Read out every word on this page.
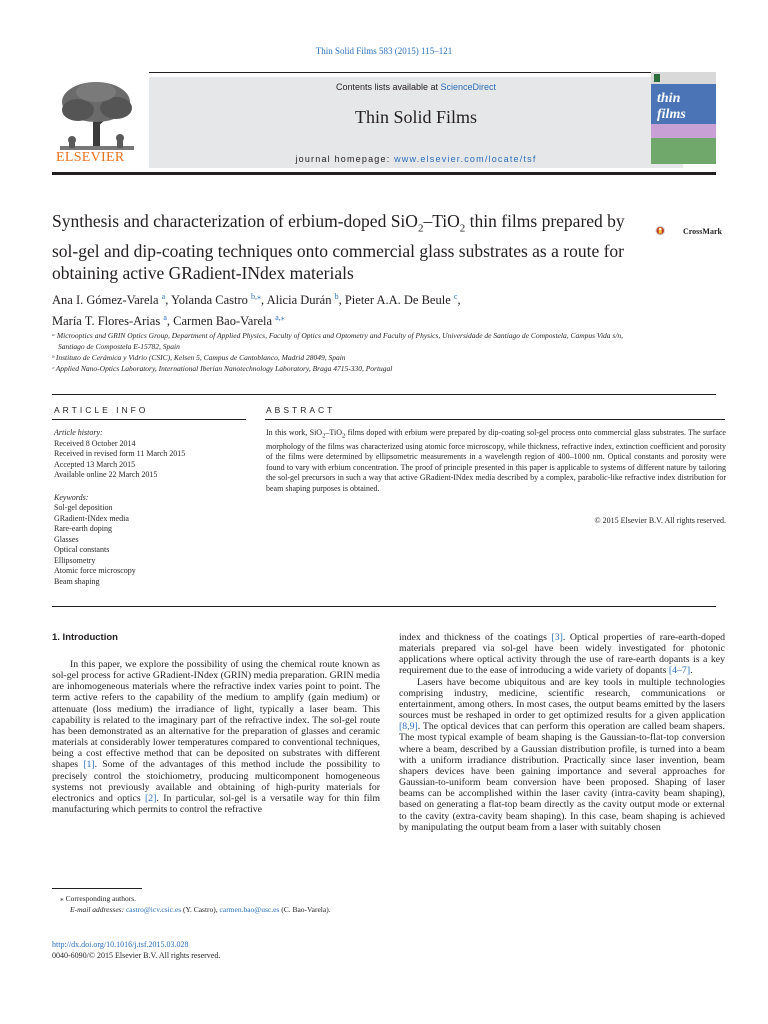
Thin Solid Films 583 (2015) 115–121
ELSEVIER
Contents lists available at ScienceDirect
Thin Solid Films
journal homepage: www.elsevier.com/locate/tsf
thin
films
Synthesis and characterization of erbium-doped SiO$_2$–TiO$_2$ thin films prepared by sol-gel and dip-coating techniques onto commercial glass substrates as a route for obtaining active GRadient-INdex materials
CrossMark
Ana I. Gómez-Varela $^a$, Yolanda Castro $^{b,⁎}$, Alicia Durán $^b$, Pieter A.A. De Beule $^c$,
María T. Flores-Arias $^a$, Carmen Bao-Varela $^{a,⁎}$
ᵃ Microoptics and GRIN Optics Group, Department of Applied Physics, Faculty of Optics and Optometry and Faculty of Physics, Universidade de Santiago de Compostela, Campus Vida s/n,
Santiago de Compostela E-15782, Spain
ᵇ Instituto de Cerámica y Vidrio (CSIC), Kelsen 5, Campus de Cantoblanco, Madrid 28049, Spain
ᶜ Applied Nano-Optics Laboratory, International Iberian Nanotechnology Laboratory, Braga 4715-330, Portugal
ARTICLE INFO	ABSTRACT
Article history:
Received 8 October 2014
Received in revised form 11 March 2015
Accepted 13 March 2015
Available online 22 March 2015
Keywords:
Sol-gel deposition
GRadient-INdex media
Rare-earth doping
Glasses
Optical constants
Ellipsometry
Atomic force microscopy
Beam shaping
In this work, SiO$_2$–TiO$_2$ films doped with erbium were prepared by dip-coating sol-gel process onto commercial glass substrates. The surface morphology of the films was characterized using atomic force microscopy, while thickness, refractive index, extinction coefficient and porosity of the films were determined by ellipsometric measurements in a wavelength region of 400–1000 nm. Optical constants and porosity were found to vary with erbium concentration. The proof of principle presented in this paper is applicable to systems of different nature by tailoring the sol-gel precursors in such a way that active GRadient-INdex media described by a complex, parabolic-like refractive index distribution for beam shaping purposes is obtained.
© 2015 Elsevier B.V. All rights reserved.
1. Introduction

In this paper, we explore the possibility of using the chemical route known as sol-gel process for active GRadient-INdex (GRIN) media preparation. GRIN media are inhomogeneous materials where the refractive index varies point to point. The term active refers to the capability of the medium to amplify (gain medium) or attenuate (loss medium) the irradiance of light, typically a laser beam. This capability is related to the imaginary part of the refractive index. The sol-gel route has been demonstrated as an alternative for the preparation of glasses and ceramic materials at considerably lower temperatures compared to conventional techniques, being a cost effective method that can be deposited on substrates with different shapes [1]. Some of the advantages of this method include the possibility to precisely control the stoichiometry, producing multicomponent homogeneous systems not previously available and obtaining of high-purity materials for electronics and optics [2]. In particular, sol-gel is a versatile way for thin film manufacturing which permits to control the refractive

index and thickness of the coatings [3]. Optical properties of rare-earth-doped materials prepared via sol-gel have been widely investigated for photonic applications where optical activity through the use of rare-earth dopants is a key requirement due to the ease of introducing a wide variety of dopants [4–7].

Lasers have become ubiquitous and are key tools in multiple technologies comprising industry, medicine, scientific research, communications or entertainment, among others. In most cases, the output beams emitted by the lasers sources must be reshaped in order to get optimized results for a given application [8,9]. The optical devices that can perform this operation are called beam shapers. The most typical example of beam shaping is the Gaussian-to-flat-top conversion where a beam, described by a Gaussian distribution profile, is turned into a beam with a uniform irradiance distribution. Practically since laser invention, beam shapers devices have been gaining importance and several approaches for Gaussian-to-uniform beam conversion have been proposed. Shaping of laser beams can be accomplished within the laser cavity (intra-cavity beam shaping), based on generating a flat-top beam directly as the cavity output mode or external to the cavity (extra-cavity beam shaping). In this case, beam shaping is achieved by manipulating the output beam from a laser with suitably chosen

⁎ Corresponding authors.
E-mail addresses: castro@icv.csic.es (Y. Castro), carmen.bao@usc.es (C. Bao-Varela).
http://dx.doi.org/10.1016/j.tsf.2015.03.028
0040-6090/© 2015 Elsevier B.V. All rights reserved.
